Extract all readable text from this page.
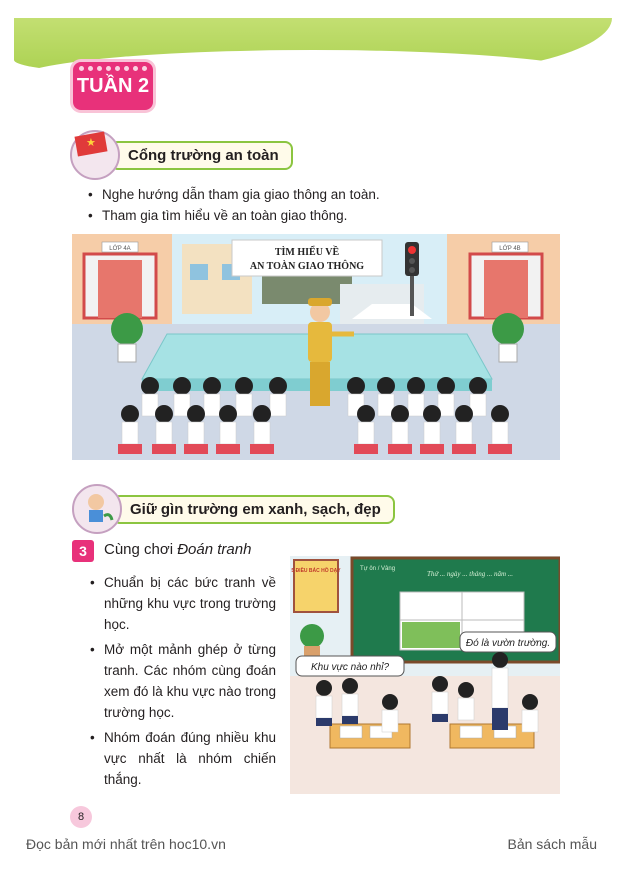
TUẦN 2
★
Cổng trường an toàn
• Nghe hướng dẫn tham gia giao thông an toàn.
• Tham gia tìm hiểu về an toàn giao thông.
LỚP 4A	LỚP 4B
TÌM HIỂU VỀ
AN TOÀN GIAO THÔNG
Giữ gìn trường em xanh, sạch, đẹp
3	Cùng chơi Đoán tranh
• Chuẩn bị các bức tranh về những khu vực trong trường học.
• Mở một mảnh ghép ở từng tranh. Các nhóm cùng đoán xem đó là khu vực nào trong trường học.
• Nhóm đoán đúng nhiều khu vực nhất là nhóm chiến thắng.
5 ĐIỀU BÁC HỒ DẠY	Tự ôn / Vâng
Thứ ... ngày ... tháng ... năm ...
Đó là vườn trường.
Khu vực nào nhỉ?
8
Đọc bản mới nhất trên hoc10.vn	Bản sách mẫu
